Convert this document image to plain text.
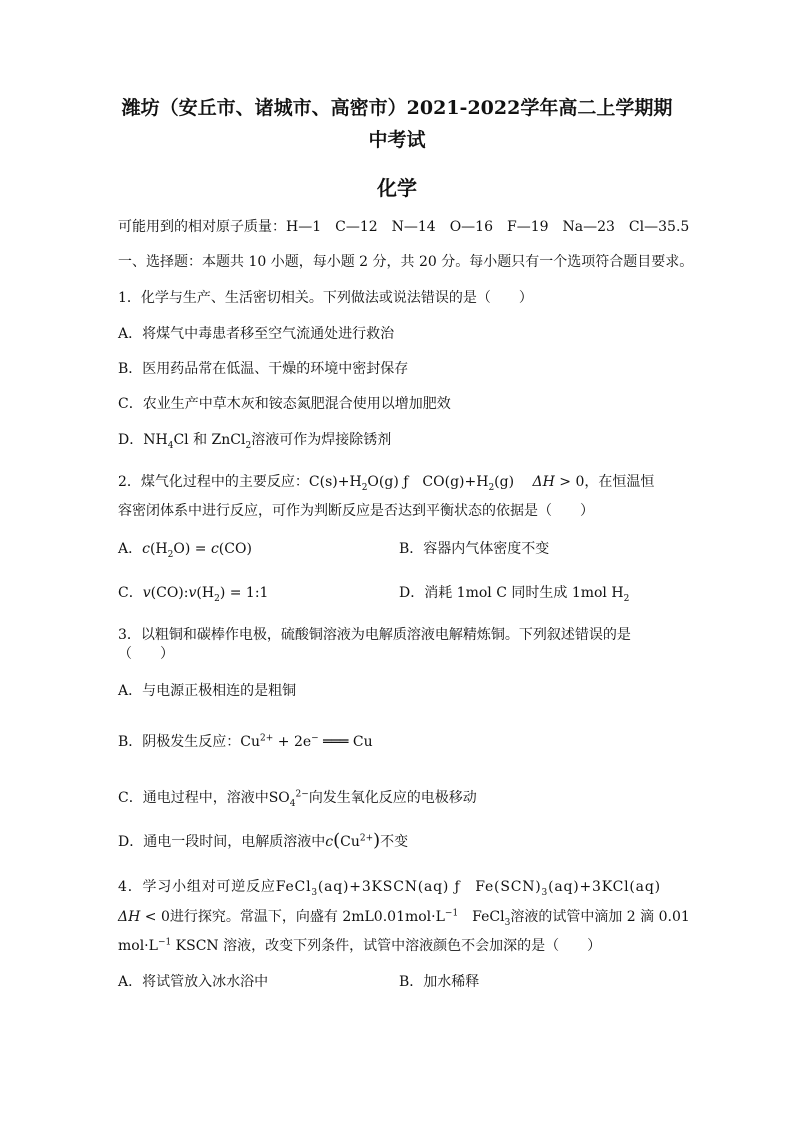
潍坊（安丘市、诸城市、高密市）2021-2022学年高二上学期期
中考试
化学
可能用到的相对原子质量：H—1　C—12　N—14　O—16　F—19　Na—23　Cl—35.5
一、选择题：本题共 10 小题，每小题 2 分，共 20 分。每小题只有一个选项符合题目要求。
1．化学与生产、生活密切相关。下列做法或说法错误的是（　　）
A．将煤气中毒患者移至空气流通处进行救治
B．医用药品常在低温、干燥的环境中密封保存
C．农业生产中草木灰和铵态氮肥混合使用以增加肥效
D．$NH_4Cl$ 和 ZnCl$_2$溶液可作为焊接除锈剂
2．煤气化过程中的主要反应：$C(s)+H_2O(g)$ ƒ　$CO(g)+H_2(g)$　 ΔH > 0，在恒温恒
容密闭体系中进行反应，可作为判断反应是否达到平衡状态的依据是（　　）
A．$c(H_2O) = c(CO)$	B．容器内气体密度不变
C．$v(CO):v(H_2)$ = 1:1	D．消耗 1mol C 同时生成 1mol $H_2$
3．以粗铜和碳棒作电极，硫酸铜溶液为电解质溶液电解精炼铜。下列叙述错误的是
（　　）
A．与电源正极相连的是粗铜
B．阴极发生反应：$Cu^{2+} + 2e^-$ ═══ Cu
C．通电过程中，溶液中$SO_4^{2-}$向发生氧化反应的电极移动
D．通电一段时间，电解质溶液中$c(Cu^{2+})$不变
4．学习小组对可逆反应FeCl$_3$(aq)+3KSCN(aq) ƒ　$Fe(SCN)_3(aq)+3KCl(aq)$
ΔH < 0进行探究。常温下，向盛有 $2mL0.01mol\cdot L^{-1}$　FeCl$_3$溶液的试管中滴加 2 滴 0.01
$mol\cdot L^{-1}$ KSCN 溶液，改变下列条件，试管中溶液颜色不会加深的是（　　）
A．将试管放入冰水浴中	B．加水稀释
